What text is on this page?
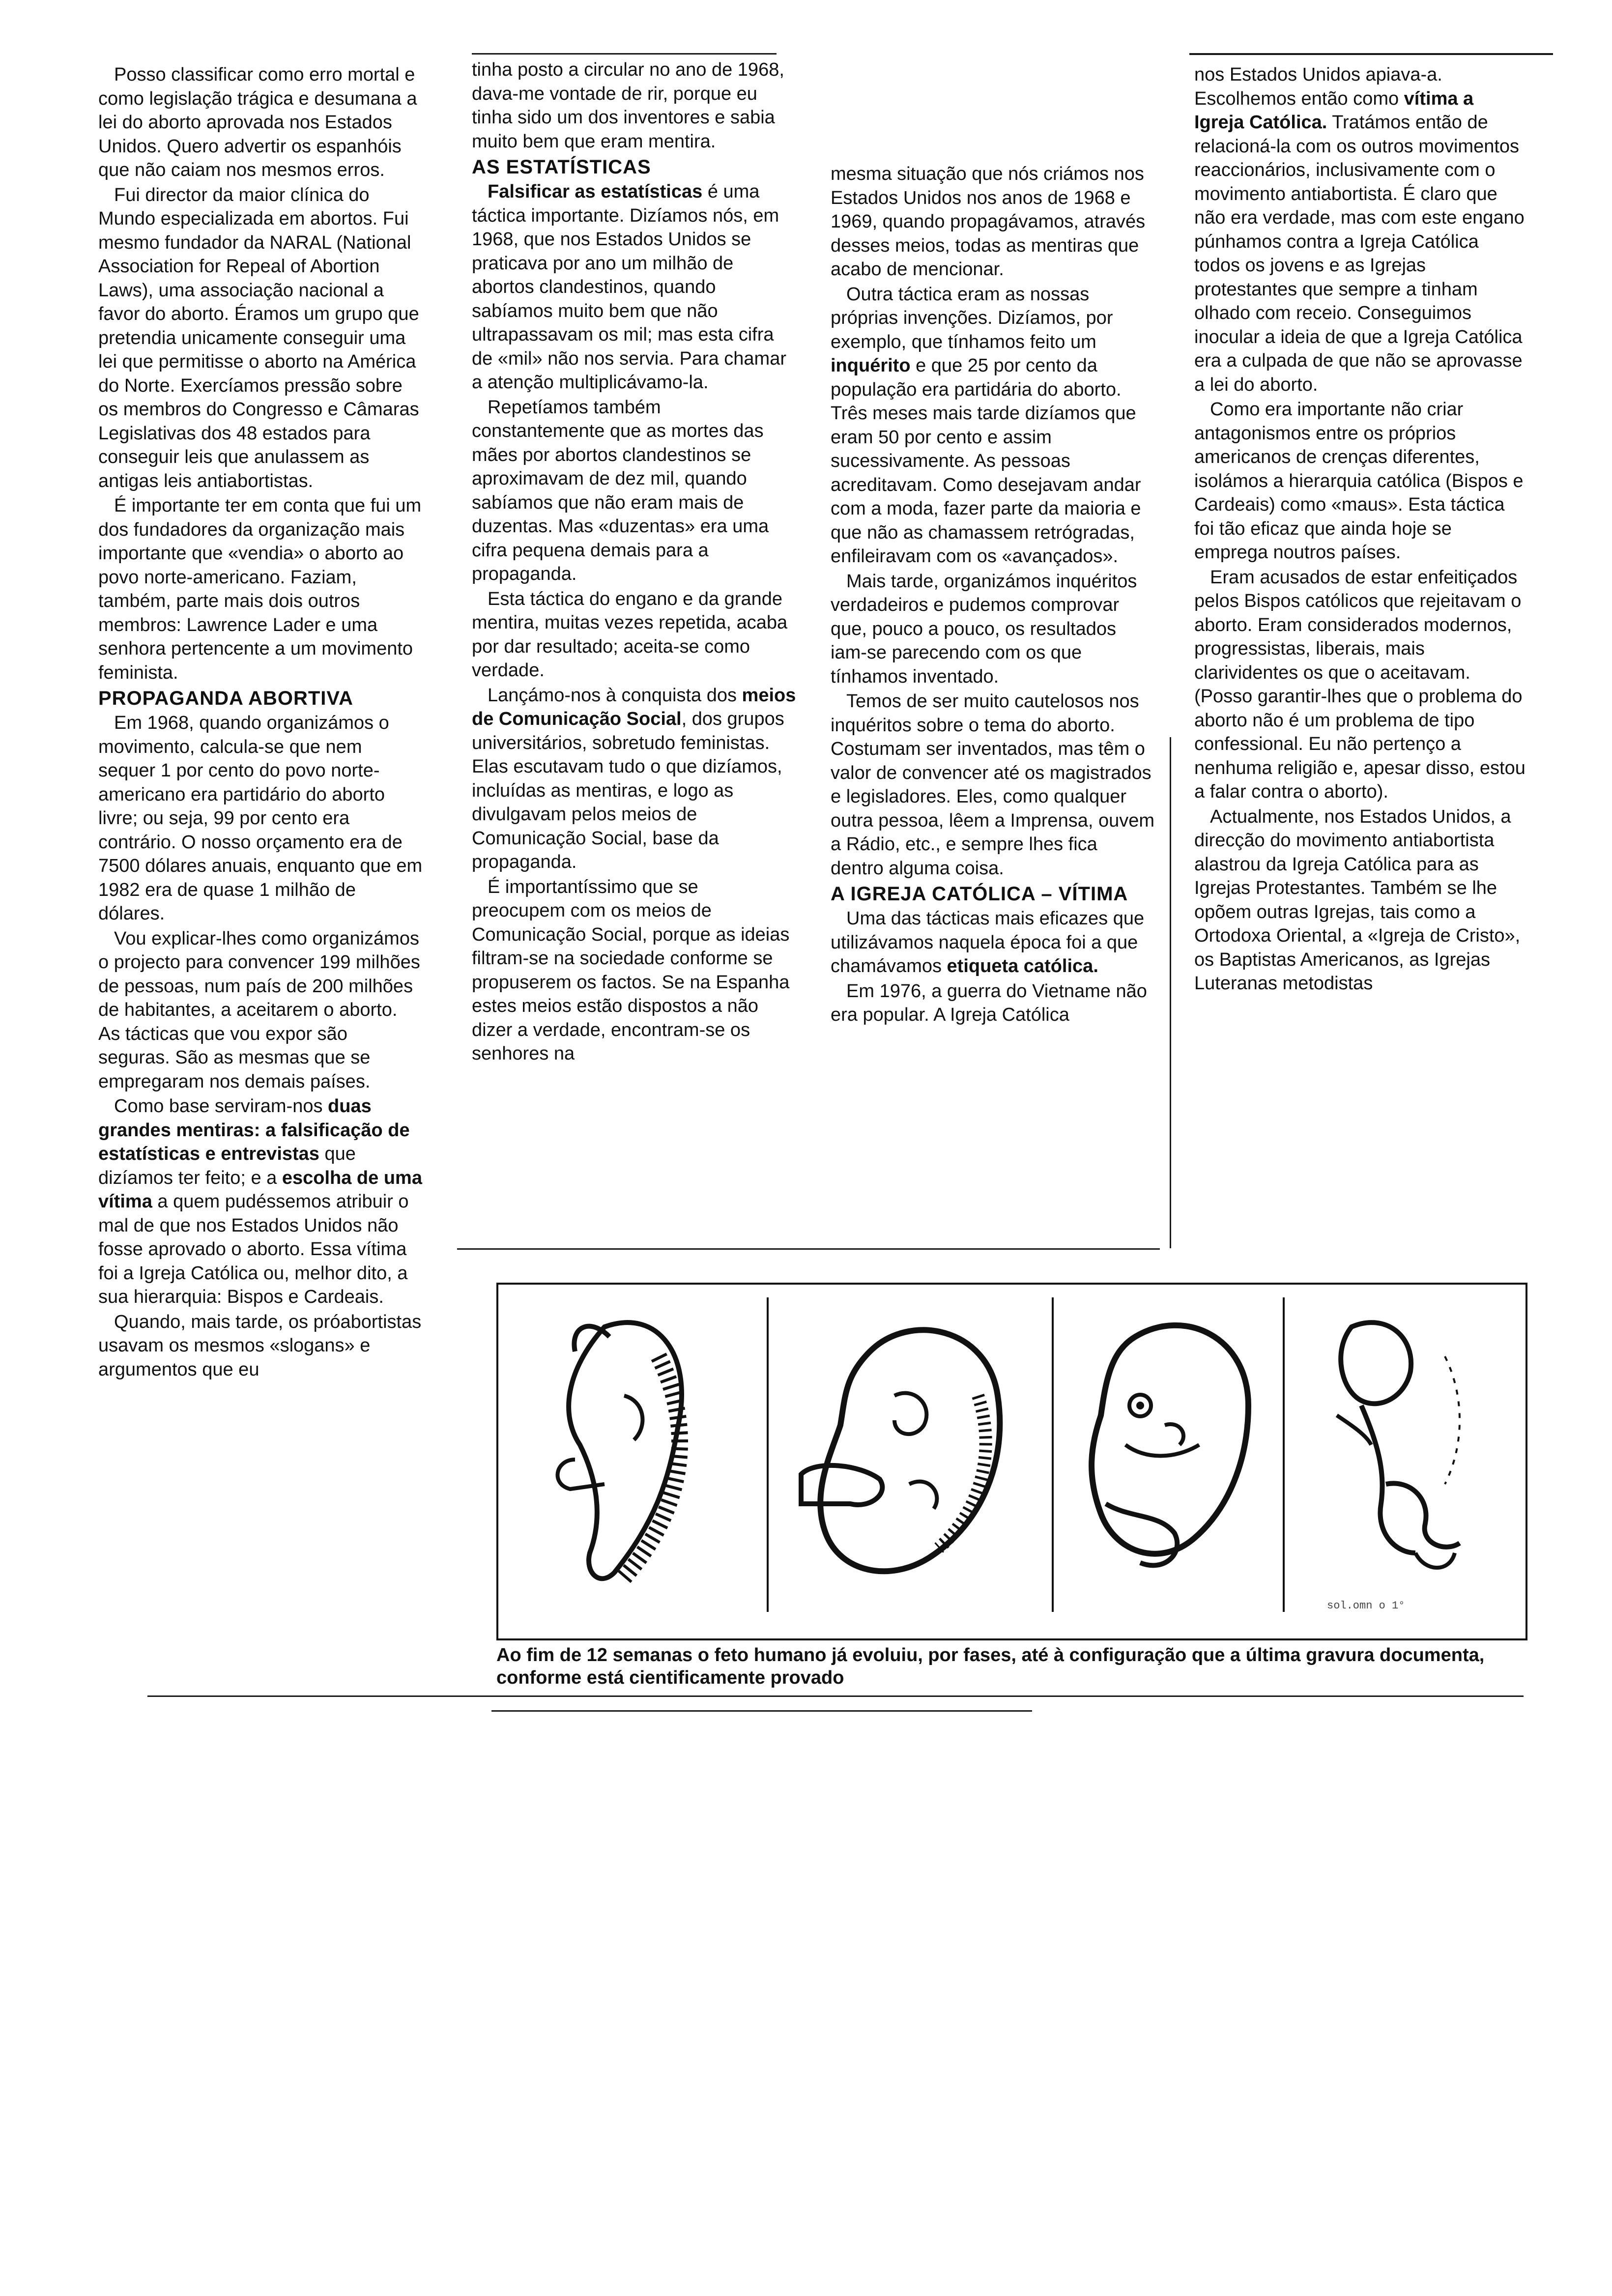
Posso classificar como erro mortal e como legislação trágica e desumana a lei do aborto aprovada nos Estados Unidos. Quero advertir os espanhóis que não caiam nos mesmos erros.

Fui director da maior clínica do Mundo especializada em abortos. Fui mesmo fundador da NARAL (National Association for Repeal of Abortion Laws), uma associação nacional a favor do aborto. Éramos um grupo que pretendia unicamente conseguir uma lei que permitisse o aborto na América do Norte. Exercíamos pressão sobre os membros do Congresso e Câmaras Legislativas dos 48 estados para conseguir leis que anulassem as antigas leis antiabortistas.

É importante ter em conta que fui um dos fundadores da organização mais importante que «vendia» o aborto ao povo norte-americano. Faziam, também, parte mais dois outros membros: Lawrence Lader e uma senhora pertencente a um movimento feminista.

PROPAGANDA ABORTIVA

Em 1968, quando organizámos o movimento, calcula-se que nem sequer 1 por cento do povo norte-americano era partidário do aborto livre; ou seja, 99 por cento era contrário. O nosso orçamento era de 7500 dólares anuais, enquanto que em 1982 era de quase 1 milhão de dólares.

Vou explicar-lhes como organizámos o projecto para convencer 199 milhões de pessoas, num país de 200 milhões de habitantes, a aceitarem o aborto. As tácticas que vou expor são seguras. São as mesmas que se empregaram nos demais países.

Como base serviram-nos duas grandes mentiras: a falsificação de estatísticas e entrevistas que dizíamos ter feito; e a escolha de uma vítima a quem pudéssemos atribuir o mal de que nos Estados Unidos não fosse aprovado o aborto. Essa vítima foi a Igreja Católica ou, melhor dito, a sua hierarquia: Bispos e Cardeais.

Quando, mais tarde, os próabortistas usavam os mesmos «slogans» e argumentos que eu

tinha posto a circular no ano de 1968, dava-me vontade de rir, porque eu tinha sido um dos inventores e sabia muito bem que eram mentira.

AS ESTATÍSTICAS

Falsificar as estatísticas é uma táctica importante. Dizíamos nós, em 1968, que nos Estados Unidos se praticava por ano um milhão de abortos clandestinos, quando sabíamos muito bem que não ultrapassavam os mil; mas esta cifra de «mil» não nos servia. Para chamar a atenção multiplicávamo-la.

Repetíamos também constantemente que as mortes das mães por abortos clandestinos se aproximavam de dez mil, quando sabíamos que não eram mais de duzentas. Mas «duzentas» era uma cifra pequena demais para a propaganda.

Esta táctica do engano e da grande mentira, muitas vezes repetida, acaba por dar resultado; aceita-se como verdade.

Lançámo-nos à conquista dos meios de Comunicação Social, dos grupos universitários, sobretudo feministas. Elas escutavam tudo o que dizíamos, incluídas as mentiras, e logo as divulgavam pelos meios de Comunicação Social, base da propaganda.

É importantíssimo que se preocupem com os meios de Comunicação Social, porque as ideias filtram-se na sociedade conforme se propuserem os factos. Se na Espanha estes meios estão dispostos a não dizer a verdade, encontram-se os senhores na

mesma situação que nós criámos nos Estados Unidos nos anos de 1968 e 1969, quando propagávamos, através desses meios, todas as mentiras que acabo de mencionar.

Outra táctica eram as nossas próprias invenções. Dizíamos, por exemplo, que tínhamos feito um inquérito e que 25 por cento da população era partidária do aborto. Três meses mais tarde dizíamos que eram 50 por cento e assim sucessivamente. As pessoas acreditavam. Como desejavam andar com a moda, fazer parte da maioria e que não as chamassem retrógradas, enfileiravam com os «avançados».

Mais tarde, organizámos inquéritos verdadeiros e pudemos comprovar que, pouco a pouco, os resultados iam-se parecendo com os que tínhamos inventado.

Temos de ser muito cautelosos nos inquéritos sobre o tema do aborto. Costumam ser inventados, mas têm o valor de convencer até os magistrados e legisladores. Eles, como qualquer outra pessoa, lêem a Imprensa, ouvem a Rádio, etc., e sempre lhes fica dentro alguma coisa.

A IGREJA CATÓLICA – VÍTIMA

Uma das tácticas mais eficazes que utilizávamos naquela época foi a que chamávamos etiqueta católica.

Em 1976, a guerra do Vietname não era popular. A Igreja Católica

nos Estados Unidos apiava-a. Escolhemos então como vítima a Igreja Católica. Tratámos então de relacioná-la com os outros movimentos reaccionários, inclusivamente com o movimento antiabortista. É claro que não era verdade, mas com este engano púnhamos contra a Igreja Católica todos os jovens e as Igrejas protestantes que sempre a tinham olhado com receio. Conseguimos inocular a ideia de que a Igreja Católica era a culpada de que não se aprovasse a lei do aborto.

Como era importante não criar antagonismos entre os próprios americanos de crenças diferentes, isolámos a hierarquia católica (Bispos e Cardeais) como «maus». Esta táctica foi tão eficaz que ainda hoje se emprega noutros países.

Eram acusados de estar enfeitiçados pelos Bispos católicos que rejeitavam o aborto. Eram considerados modernos, progressistas, liberais, mais clarividentes os que o aceitavam. (Posso garantir-lhes que o problema do aborto não é um problema de tipo confessional. Eu não pertenço a nenhuma religião e, apesar disso, estou a falar contra o aborto).

Actualmente, nos Estados Unidos, a direcção do movimento antiabortista alastrou da Igreja Católica para as Igrejas Protestantes. Também se lhe opõem outras Igrejas, tais como a Ortodoxa Oriental, a «Igreja de Cristo», os Baptistas Americanos, as Igrejas Luteranas metodistas

sol.omn o 1°
Ao fim de 12 semanas o feto humano já evoluiu, por fases, até à configuração que a última gravura documenta, conforme está cientificamente provado
